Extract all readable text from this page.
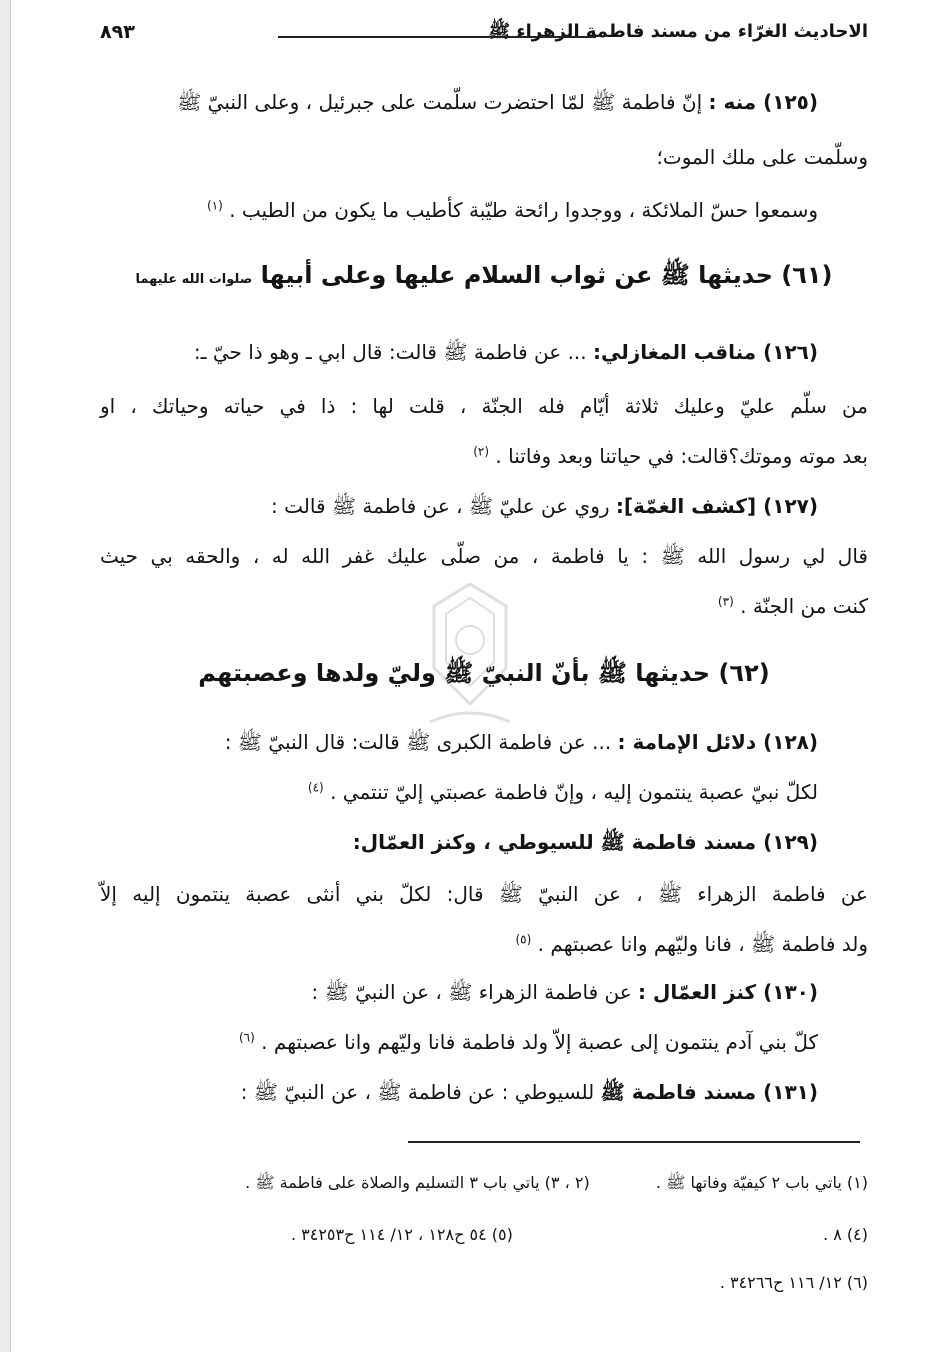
الاحاديث الغرّاء من مسند فاطمة الزهراء ﷺ
٨٩٣
(١٢٥) منه : إنّ فاطمة ﷺ لمّا احتضرت سلّمت على جبرئيل ، وعلى النبيّ ﷺ
وسلّمت على ملك الموت؛
وسمعوا حسّ الملائكة ، ووجدوا رائحة طيّبة كأطيب ما يكون من الطيب . $^{(١)}$
(٦١) حديثها ﷺ عن ثواب السلام عليها وعلى أبيها صلوات الله عليهما
(١٢٦) مناقب المغازلي: ... عن فاطمة ﷺ قالت: قال ابي ـ وهو ذا حيّ ـ:
من سلّم عليّ وعليك ثلاثة أيّام فله الجنّة ، قلت لها : ذا في حياته وحياتك ، او
بعد موته وموتك؟قالت: في حياتنا وبعد وفاتنا . $^{(٢)}$
(١٢٧) [كشف الغمّة]: روي عن عليّ ﷺ ، عن فاطمة ﷺ قالت :
قال لي رسول الله ﷺ : يا فاطمة ، من صلّى عليك غفر الله له ، والحقه بي حيث
كنت من الجنّة . $^{(٣)}$
(٦٢) حديثها ﷺ بأنّ النبيّ ﷺ وليّ ولدها وعصبتهم
(١٢٨) دلائل الإمامة : ... عن فاطمة الكبرى ﷺ قالت: قال النبيّ ﷺ :
لكلّ نبيّ عصبة ينتمون إليه ، وإنّ فاطمة عصبتي إليّ تنتمي . $^{(٤)}$
(١٢٩) مسند فاطمة ﷺ للسيوطي ، وكنز العمّال:
عن فاطمة الزهراء ﷺ ، عن النبيّ ﷺ قال: لكلّ بني أنثى عصبة ينتمون إليه إلاّ
ولد فاطمة ﷺ ، فانا وليّهم وانا عصبتهم . $^{(٥)}$
(١٣٠) كنز العمّال : عن فاطمة الزهراء ﷺ ، عن النبيّ ﷺ :
كلّ بني آدم ينتمون إلى عصبة إلاّ ولد فاطمة فانا وليّهم وانا عصبتهم . $^{(٦)}$
(١٣١) مسند فاطمة ﷺ للسيوطي : عن فاطمة ﷺ ، عن النبيّ ﷺ :
(١) ياتي باب ٢ كيفيّة وفاتها ﷺ .  (٢ ، ٣) ياتي باب ٣ التسليم والصلاة على فاطمة ﷺ .
(٤) ٨ .  (٥) ٥٤ ح١٢٨ ، ١٢/ ١١٤ ح٣٤٢٥٣ .
(٦) ١٢/ ١١٦ ح٣٤٢٦٦ .
